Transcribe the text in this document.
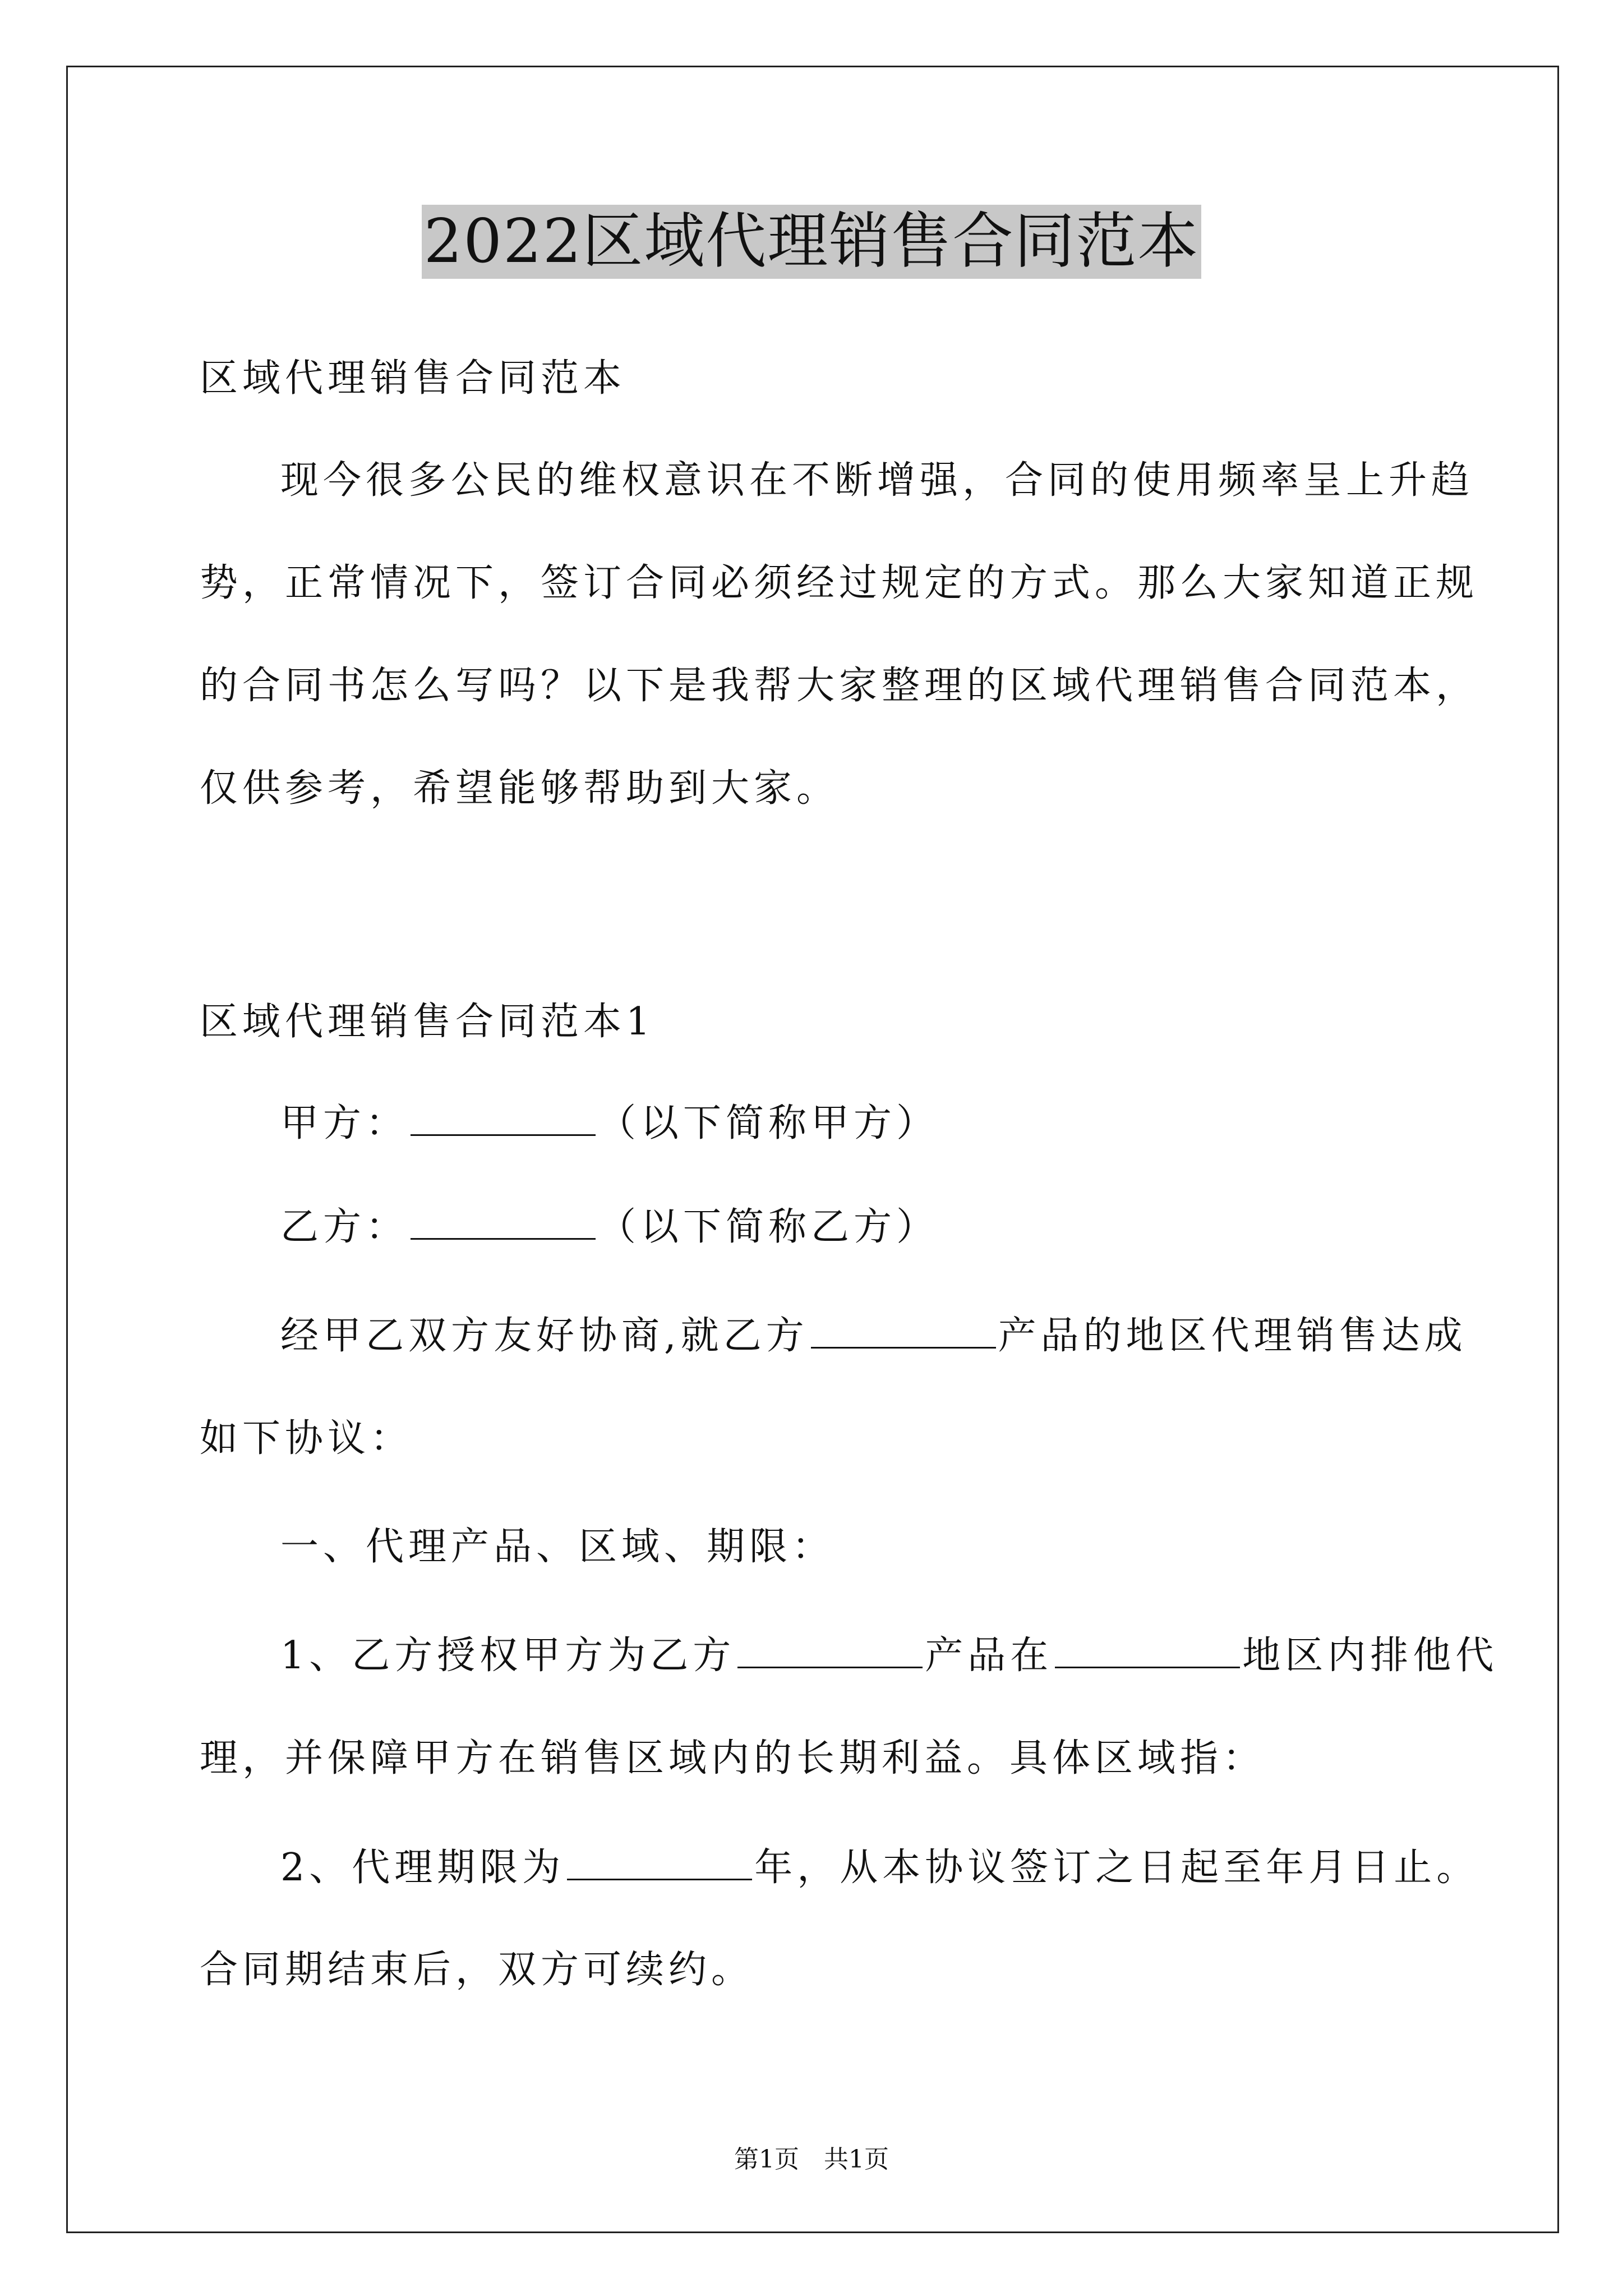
2022区域代理销售合同范本
区域代理销售合同范本
现今很多公民的维权意识在不断增强，合同的使用频率呈上升趋
势，正常情况下，签订合同必须经过规定的方式。那么大家知道正规
的合同书怎么写吗？以下是我帮大家整理的区域代理销售合同范本，
仅供参考，希望能够帮助到大家。
区域代理销售合同范本1
甲方：	（以下简称甲方）
乙方：	（以下简称乙方）
经甲乙双方友好协商,就乙方	产品的地区代理销售达成
如下协议：
一、代理产品、区域、期限：
1、乙方授权甲方为乙方	产品在	地区内排他代
理，并保障甲方在销售区域内的长期利益。具体区域指：
2、代理期限为	年，从本协议签订之日起至年月日止。
合同期结束后，双方可续约。
第1页　共1页
